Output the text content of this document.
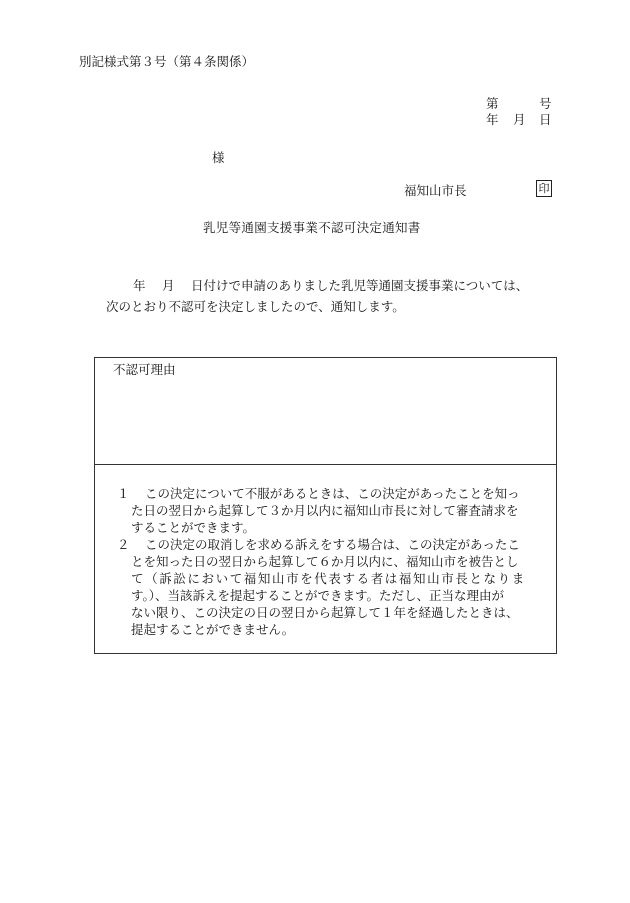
別記様式第３号（第４条関係）
第	号
年 月 日
様
福知山市長	印
乳児等通園支援事業不認可決定通知書
年　 月 　日付けで申請のありました乳児等通園支援事業については、
次のとおり不認可を決定しましたので、通知します。
不認可理由
１ この決定について不服があるときは、この決定があったことを知っ
た日の翌日から起算して３か月以内に福知山市長に対して審査請求を
することができます。
２ この決定の取消しを求める訴えをする場合は、この決定があったこ
とを知った日の翌日から起算して６か月以内に、福知山市を被告とし
て（訴訟において福知山市を代表する者は福知山市長となりま
す。）、当該訴えを提起することができます。ただし、正当な理由が
ない限り、この決定の日の翌日から起算して１年を経過したときは、
提起することができません。
